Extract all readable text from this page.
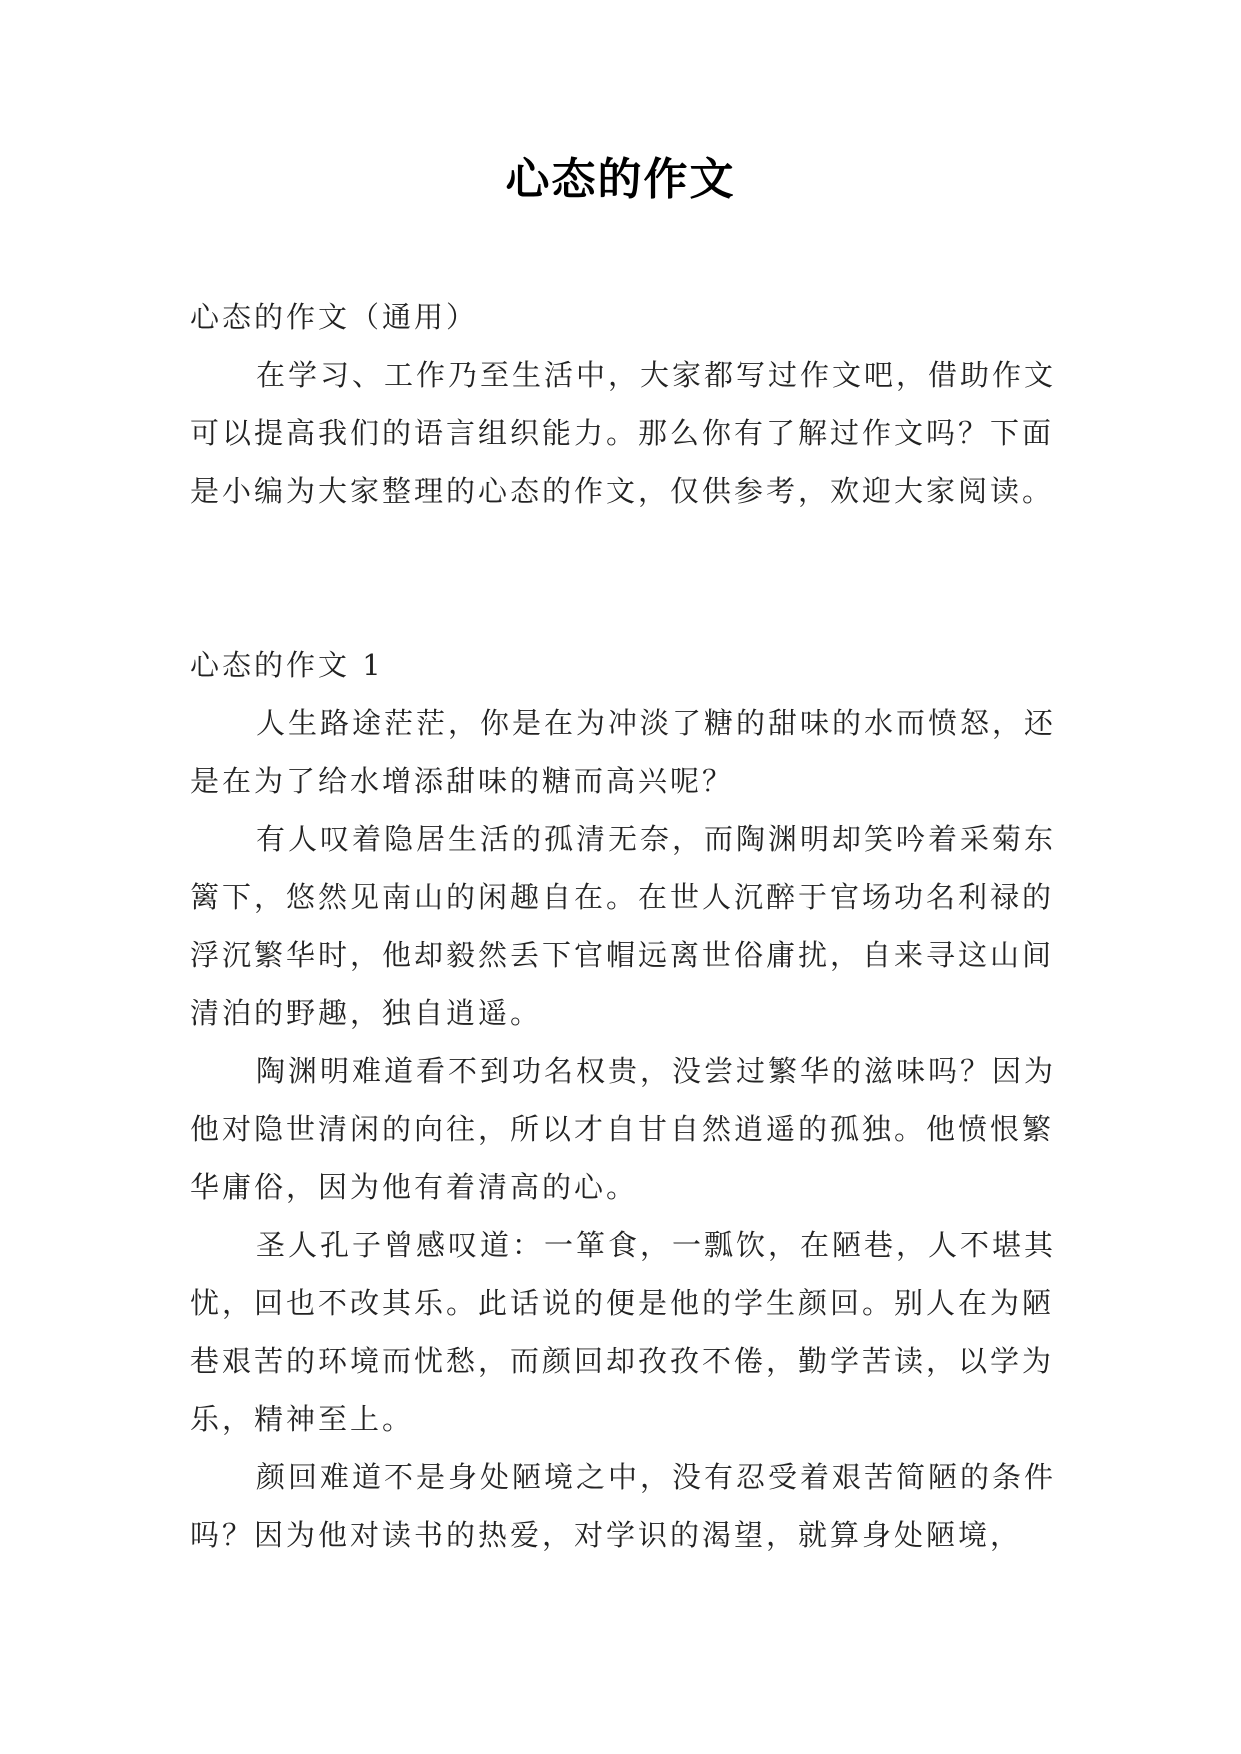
心态的作文

心态的作文（通用）

在学习、工作乃至生活中，大家都写过作文吧，借助作文可以提高我们的语言组织能力。那么你有了解过作文吗？下面是小编为大家整理的心态的作文，仅供参考，欢迎大家阅读。

心态的作文 1

人生路途茫茫，你是在为冲淡了糖的甜味的水而愤怒，还是在为了给水增添甜味的糖而高兴呢？

有人叹着隐居生活的孤清无奈，而陶渊明却笑吟着采菊东篱下，悠然见南山的闲趣自在。在世人沉醉于官场功名利禄的浮沉繁华时，他却毅然丢下官帽远离世俗庸扰，自来寻这山间清泊的野趣，独自逍遥。

陶渊明难道看不到功名权贵，没尝过繁华的滋味吗？因为他对隐世清闲的向往，所以才自甘自然逍遥的孤独。他愤恨繁华庸俗，因为他有着清高的心。

圣人孔子曾感叹道：一箪食，一瓢饮，在陋巷，人不堪其忧，回也不改其乐。此话说的便是他的学生颜回。别人在为陋巷艰苦的环境而忧愁，而颜回却孜孜不倦，勤学苦读，以学为乐，精神至上。

颜回难道不是身处陋境之中，没有忍受着艰苦简陋的条件吗？因为他对读书的热爱，对学识的渴望，就算身处陋境，
